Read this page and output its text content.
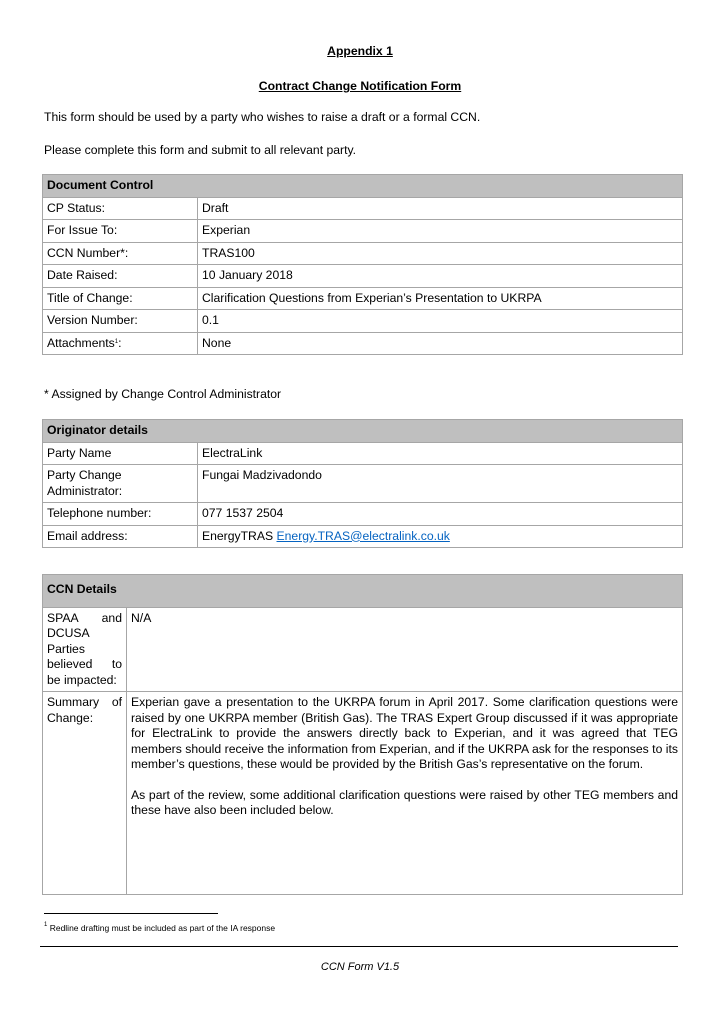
Appendix 1
Contract Change Notification Form
This form should be used by a party who wishes to raise a draft or a formal CCN.
Please complete this form and submit to all relevant party.
Document Control	
CP Status:	Draft
For Issue To:	Experian
CCN Number*:	TRAS100
Date Raised:	10 January 2018
Title of Change:	Clarification Questions from Experian’s Presentation to UKRPA
Version Number:	0.1
Attachments$^1$:	None
* Assigned by Change Control Administrator
Originator details	
Party Name	ElectraLink
Party Change Administrator:	Fungai Madzivadondo
Telephone number:	077 1537 2504
Email address:	EnergyTRAS Energy.TRAS@electralink.co.uk
CCN Details	
SPAA and DCUSA Parties believed to be impacted:	N/A
Summary of Change:	Experian gave a presentation to the UKRPA forum in April 2017. Some clarification questions were raised by one UKRPA member (British Gas). The TRAS Expert Group discussed if it was appropriate for ElectraLink to provide the answers directly back to Experian, and it was agreed that TEG members should receive the information from Experian, and if the UKRPA ask for the responses to its member’s questions, these would be provided by the British Gas’s representative on the forum.
As part of the review, some additional clarification questions were raised by other TEG members and these have also been included below.
$^1$ Redline drafting must be included as part of the IA response
CCN Form V1.5
